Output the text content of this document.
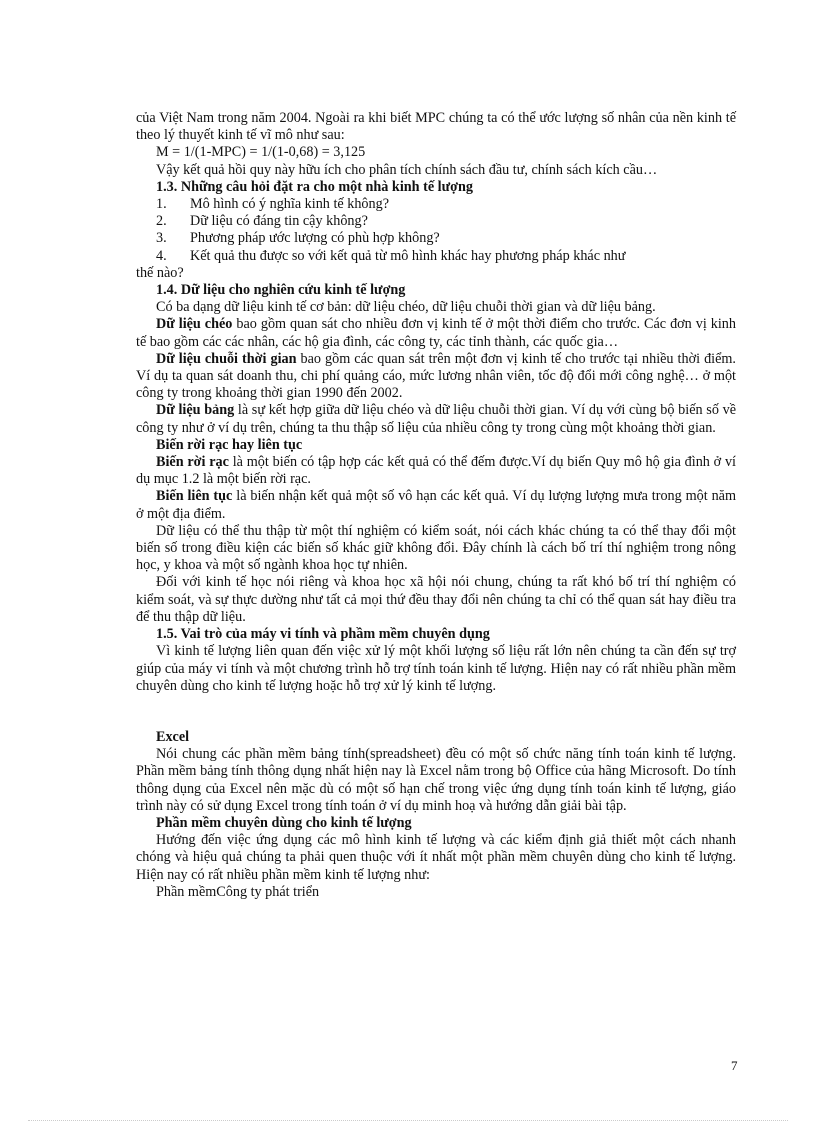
của Việt Nam trong năm 2004. Ngoài ra khi biết MPC chúng ta có thể ước lượng số nhân của nền kinh tế theo lý thuyết kinh tế vĩ mô như sau:

M = 1/(1-MPC) = 1/(1-0,68) = 3,125

Vậy kết quả hồi quy này hữu ích cho phân tích chính sách đầu tư, chính sách kích cầu…

1.3. Những câu hỏi đặt ra cho một nhà kinh tế lượng

1.	Mô hình có ý nghĩa kinh tế không?
2.	Dữ liệu có đáng tin cậy không?
3.	Phương pháp ước lượng có phù hợp không?
4.	Kết quả thu được so với kết quả từ mô hình khác hay phương pháp khác như

thế nào?

1.4. Dữ liệu cho nghiên cứu kinh tế lượng

Có ba dạng dữ liệu kinh tế cơ bản: dữ liệu chéo, dữ liệu chuỗi thời gian và dữ liệu bảng.

Dữ liệu chéo bao gồm quan sát cho nhiều đơn vị kinh tế ở một thời điểm cho trước. Các đơn vị kinh tế bao gồm các các nhân, các hộ gia đình, các công ty, các tỉnh thành, các quốc gia…

Dữ liệu chuỗi thời gian bao gồm các quan sát trên một đơn vị kinh tế cho trước tại nhiều thời điểm. Ví dụ ta quan sát doanh thu, chi phí quảng cáo, mức lương nhân viên, tốc độ đổi mới công nghệ… ở một công ty trong khoảng thời gian 1990 đến 2002.

Dữ liệu bảng là sự kết hợp giữa dữ liệu chéo và dữ liệu chuỗi thời gian. Ví dụ với cùng bộ biến số về công ty như ở ví dụ trên, chúng ta thu thập số liệu của nhiều công ty trong cùng một khoảng thời gian.

Biến rời rạc hay liên tục

Biến rời rạc là một biến có tập hợp các kết quả có thể đếm được.Ví dụ biến Quy mô hộ gia đình ở ví dụ mục 1.2 là một biến rời rạc.

Biến liên tục là biến nhận kết quả một số vô hạn các kết quả. Ví dụ lượng lượng mưa trong một năm ở một địa điểm.

Dữ liệu có thể thu thập từ một thí nghiệm có kiểm soát, nói cách khác chúng ta có thể thay đổi một biến số trong điều kiện các biến số khác giữ không đổi. Đây chính là cách bố trí thí nghiệm trong nông học, y khoa và một số ngành khoa học tự nhiên.

Đối với kinh tế học nói riêng và khoa học xã hội nói chung, chúng ta rất khó bố trí thí nghiệm có kiểm soát, và sự thực dường như tất cả mọi thứ đều thay đổi nên chúng ta chỉ có thể quan sát hay điều tra để thu thập dữ liệu.

1.5. Vai trò của máy vi tính và phầm mềm chuyên dụng

Vì kinh tế lượng liên quan đến việc xử lý một khối lượng số liệu rất lớn nên chúng ta cần đến sự trợ giúp của máy vi tính và một chương trình hỗ trợ tính toán kinh tế lượng. Hiện nay có rất nhiều phần mềm chuyên dùng cho kinh tế lượng hoặc hỗ trợ xử lý kinh tế lượng.

Excel

Nói chung các phần mềm bảng tính(spreadsheet) đều có một số chức năng tính toán kinh tế lượng. Phần mềm bảng tính thông dụng nhất hiện nay là Excel nằm trong bộ Office của hãng Microsoft. Do tính thông dụng của Excel nên mặc dù có một số hạn chế trong việc ứng dụng tính toán kinh tế lượng, giáo trình này có sử dụng Excel trong tính toán ở ví dụ minh hoạ và hướng dẫn giải bài tập.

Phần mềm chuyên dùng cho kinh tế lượng

Hướng đến việc ứng dụng các mô hình kinh tế lượng và các kiểm định giả thiết một cách nhanh chóng và hiệu quả chúng ta phải quen thuộc với ít nhất một phần mềm chuyên dùng cho kinh tế lượng. Hiện nay có rất nhiều phần mềm kinh tế lượng như:

Phần mềmCông ty phát triển

7
